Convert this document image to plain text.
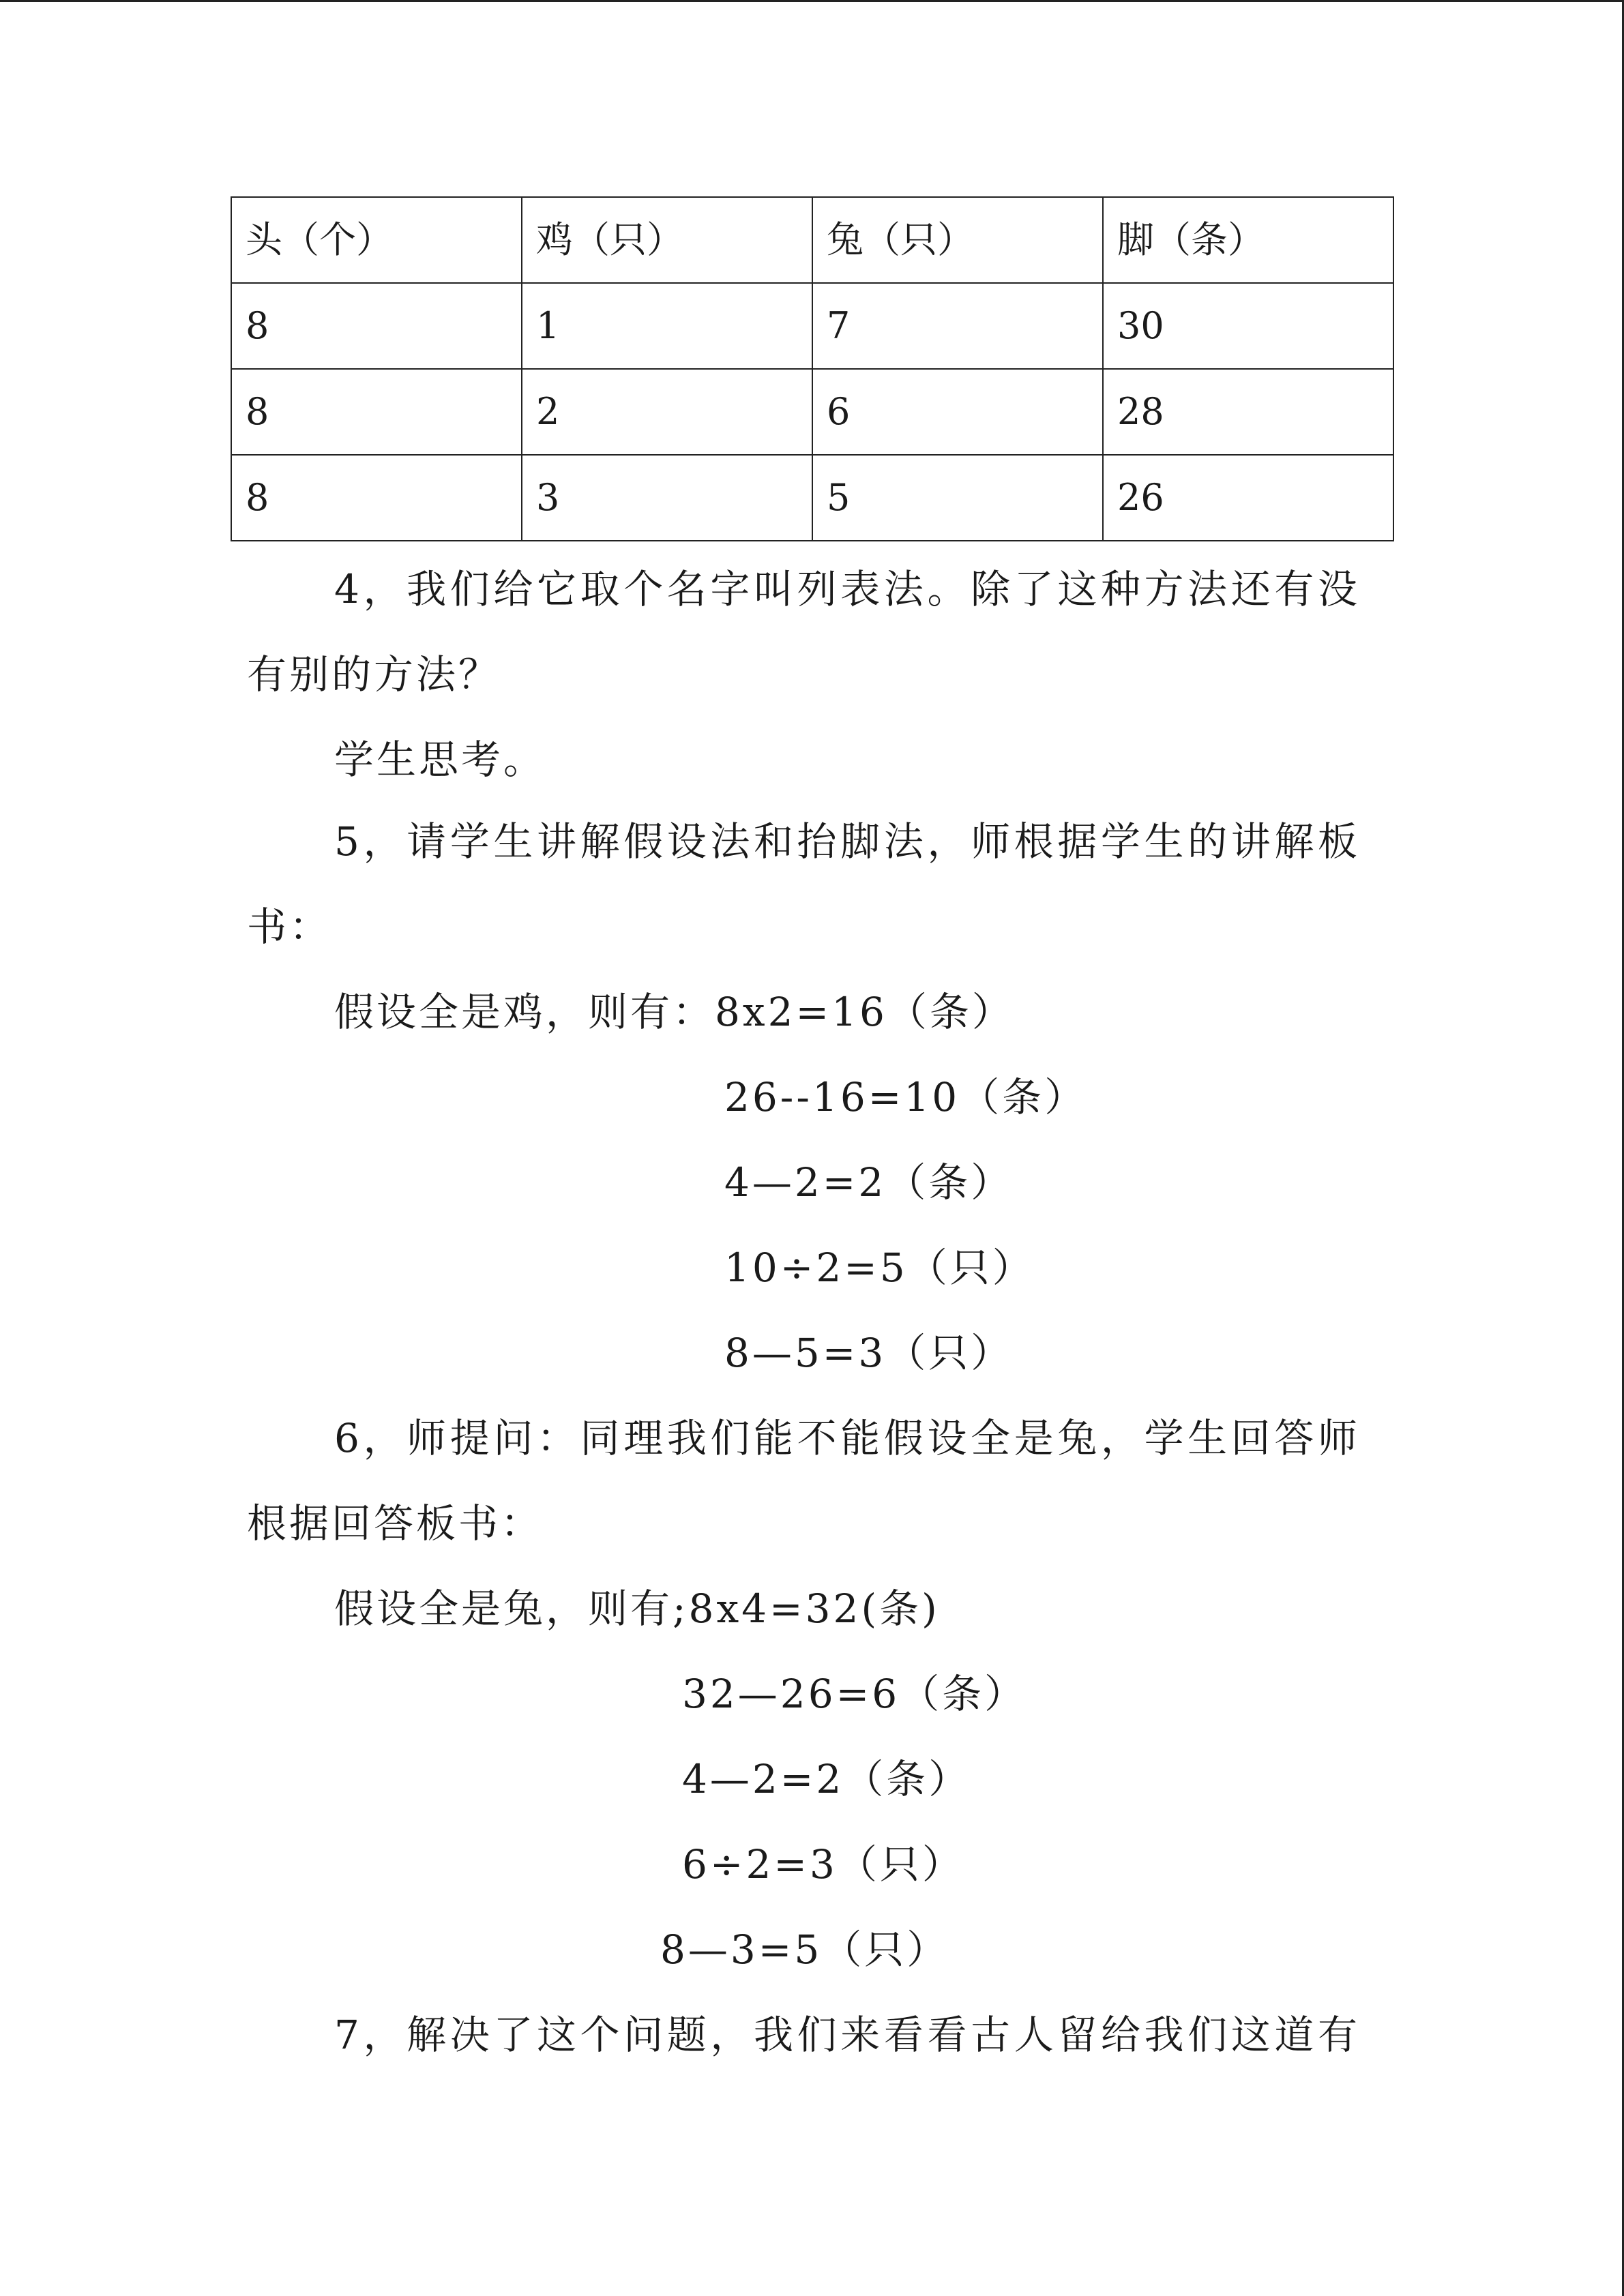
头（个）	鸡（只）	兔（只）	脚（条）
8	1	7	30
8	2	6	28
8	3	5	26
4，我们给它取个名字叫列表法。除了这种方法还有没
有别的方法？
学生思考。
5，请学生讲解假设法和抬脚法，师根据学生的讲解板
书：
假设全是鸡，则有：8x2=16（条）
26--16=10（条）
4—2=2（条）
10÷2=5（只）
8—5=3（只）
6，师提问：同理我们能不能假设全是兔，学生回答师
根据回答板书：
假设全是兔，则有;8x4=32(条)
32—26=6（条）
4—2=2（条）
6÷2=3（只）
8—3=5（只）
7，解决了这个问题，我们来看看古人留给我们这道有
